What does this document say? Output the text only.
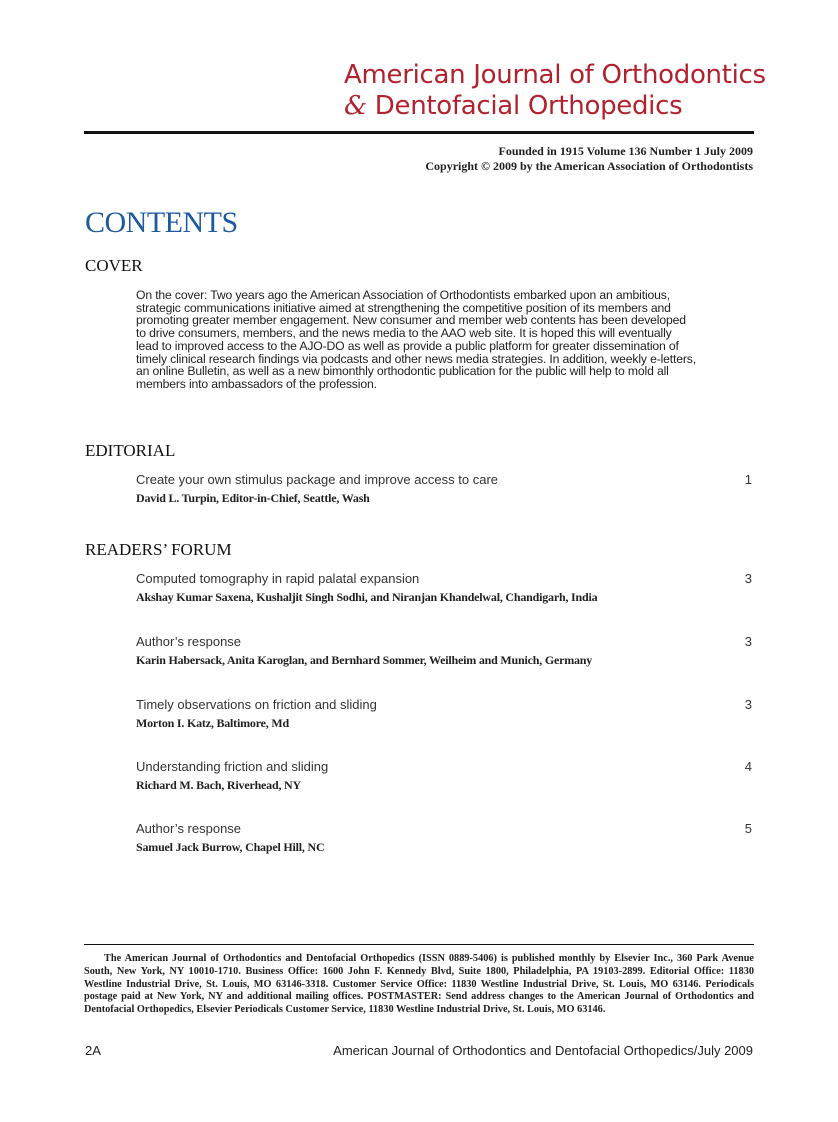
American Journal of Orthodontics
& Dentofacial Orthopedics
Founded in 1915 Volume 136 Number 1 July 2009
Copyright © 2009 by the American Association of Orthodontists
CONTENTS
COVER
On the cover: Two years ago the American Association of Orthodontists embarked upon an ambitious, strategic communications initiative aimed at strengthening the competitive position of its members and promoting greater member engagement. New consumer and member web contents has been developed to drive consumers, members, and the news media to the AAO web site. It is hoped this will eventually lead to improved access to the AJO-DO as well as provide a public platform for greater dissemination of timely clinical research findings via podcasts and other news media strategies. In addition, weekly e-letters, an online Bulletin, as well as a new bimonthly orthodontic publication for the public will help to mold all members into ambassadors of the profession.
EDITORIAL
Create your own stimulus package and improve access to care
David L. Turpin, Editor-in-Chief, Seattle, Wash
1
READERS’ FORUM
Computed tomography in rapid palatal expansion
Akshay Kumar Saxena, Kushaljit Singh Sodhi, and Niranjan Khandelwal, Chandigarh, India
3
Author’s response
Karin Habersack, Anita Karoglan, and Bernhard Sommer, Weilheim and Munich, Germany
3
Timely observations on friction and sliding
Morton I. Katz, Baltimore, Md
3
Understanding friction and sliding
Richard M. Bach, Riverhead, NY
4
Author’s response
Samuel Jack Burrow, Chapel Hill, NC
5
The American Journal of Orthodontics and Dentofacial Orthopedics (ISSN 0889-5406) is published monthly by Elsevier Inc., 360 Park Avenue South, New York, NY 10010-1710. Business Office: 1600 John F. Kennedy Blvd, Suite 1800, Philadelphia, PA 19103-2899. Editorial Office: 11830 Westline Industrial Drive, St. Louis, MO 63146-3318. Customer Service Office: 11830 Westline Industrial Drive, St. Louis, MO 63146. Periodicals postage paid at New York, NY and additional mailing offices. POSTMASTER: Send address changes to the American Journal of Orthodontics and Dentofacial Orthopedics, Elsevier Periodicals Customer Service, 11830 Westline Industrial Drive, St. Louis, MO 63146.
2A	American Journal of Orthodontics and Dentofacial Orthopedics/July 2009
